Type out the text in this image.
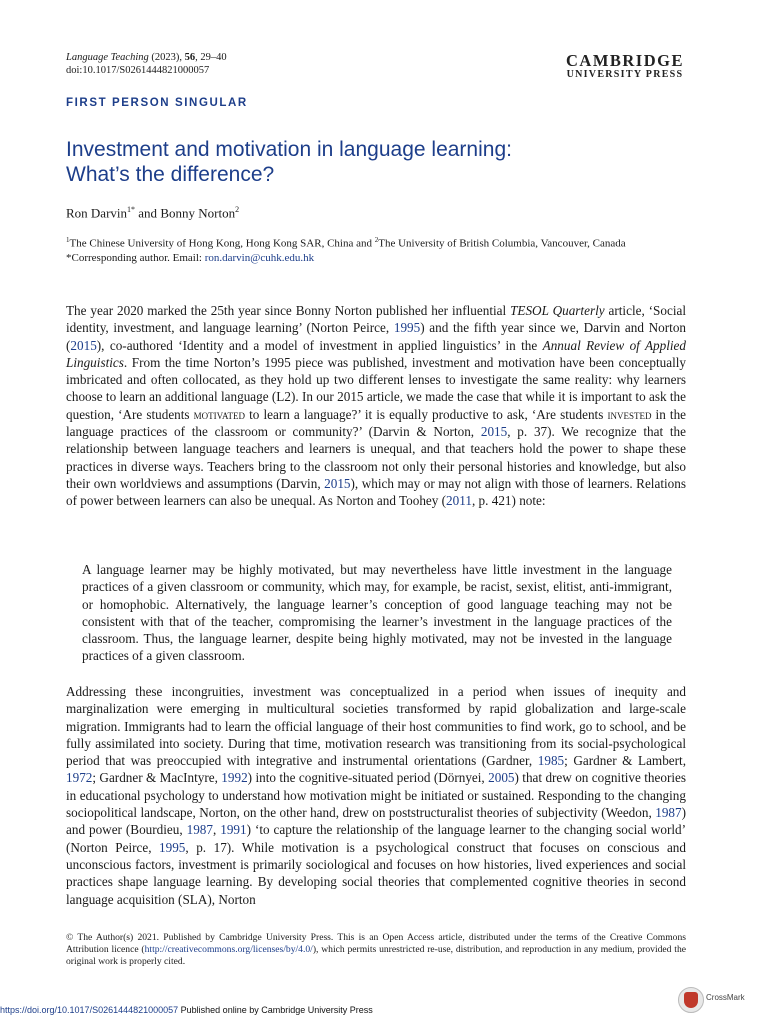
Language Teaching (2023), 56, 29–40
doi:10.1017/S0261444821000057
CAMBRIDGE
UNIVERSITY PRESS
FIRST PERSON SINGULAR
Investment and motivation in language learning:
What’s the difference?
Ron Darvin$^{1*}$ and Bonny Norton$^2$
$^1$The Chinese University of Hong Kong, Hong Kong SAR, China and $^2$The University of British Columbia, Vancouver, Canada
*Corresponding author. Email: ron.darvin@cuhk.edu.hk
The year 2020 marked the 25th year since Bonny Norton published her influential TESOL Quarterly article, ‘Social identity, investment, and language learning’ (Norton Peirce, 1995) and the fifth year since we, Darvin and Norton (2015), co-authored ‘Identity and a model of investment in applied linguistics’ in the Annual Review of Applied Linguistics. From the time Norton’s 1995 piece was published, investment and motivation have been conceptually imbricated and often collocated, as they hold up two different lenses to investigate the same reality: why learners choose to learn an additional language (L2). In our 2015 article, we made the case that while it is important to ask the question, ‘Are students motivated to learn a language?’ it is equally productive to ask, ‘Are students invested in the language practices of the classroom or community?’ (Darvin & Norton, 2015, p. 37). We recognize that the relationship between language teachers and learners is unequal, and that teachers hold the power to shape these practices in diverse ways. Teachers bring to the classroom not only their personal histories and knowledge, but also their own worldviews and assumptions (Darvin, 2015), which may or may not align with those of learners. Relations of power between learners can also be unequal. As Norton and Toohey (2011, p. 421) note:
A language learner may be highly motivated, but may nevertheless have little investment in the language practices of a given classroom or community, which may, for example, be racist, sexist, elitist, anti-immigrant, or homophobic. Alternatively, the language learner’s conception of good language teaching may not be consistent with that of the teacher, compromising the learner’s investment in the language practices of the classroom. Thus, the language learner, despite being highly motivated, may not be invested in the language practices of a given classroom.
Addressing these incongruities, investment was conceptualized in a period when issues of inequity and marginalization were emerging in multicultural societies transformed by rapid globalization and large-scale migration. Immigrants had to learn the official language of their host communities to find work, go to school, and be fully assimilated into society. During that time, motivation research was transitioning from its social-psychological period that was preoccupied with integrative and instrumental orientations (Gardner, 1985; Gardner & Lambert, 1972; Gardner & MacIntyre, 1992) into the cognitive-situated period (Dörnyei, 2005) that drew on cognitive theories in educational psychology to understand how motivation might be initiated or sustained. Responding to the changing sociopolitical landscape, Norton, on the other hand, drew on poststructuralist theories of subjectivity (Weedon, 1987) and power (Bourdieu, 1987, 1991) ‘to capture the relationship of the language learner to the changing social world’ (Norton Peirce, 1995, p. 17). While motivation is a psychological construct that focuses on conscious and unconscious factors, investment is primarily sociological and focuses on how histories, lived experiences and social practices shape language learning. By developing social theories that complemented cognitive theories in second language acquisition (SLA), Norton
© The Author(s) 2021. Published by Cambridge University Press. This is an Open Access article, distributed under the terms of the Creative Commons Attribution licence (http://creativecommons.org/licenses/by/4.0/), which permits unrestricted re-use, distribution, and reproduction in any medium, provided the original work is properly cited.
https://doi.org/10.1017/S0261444821000057 Published online by Cambridge University Press
CrossMark
